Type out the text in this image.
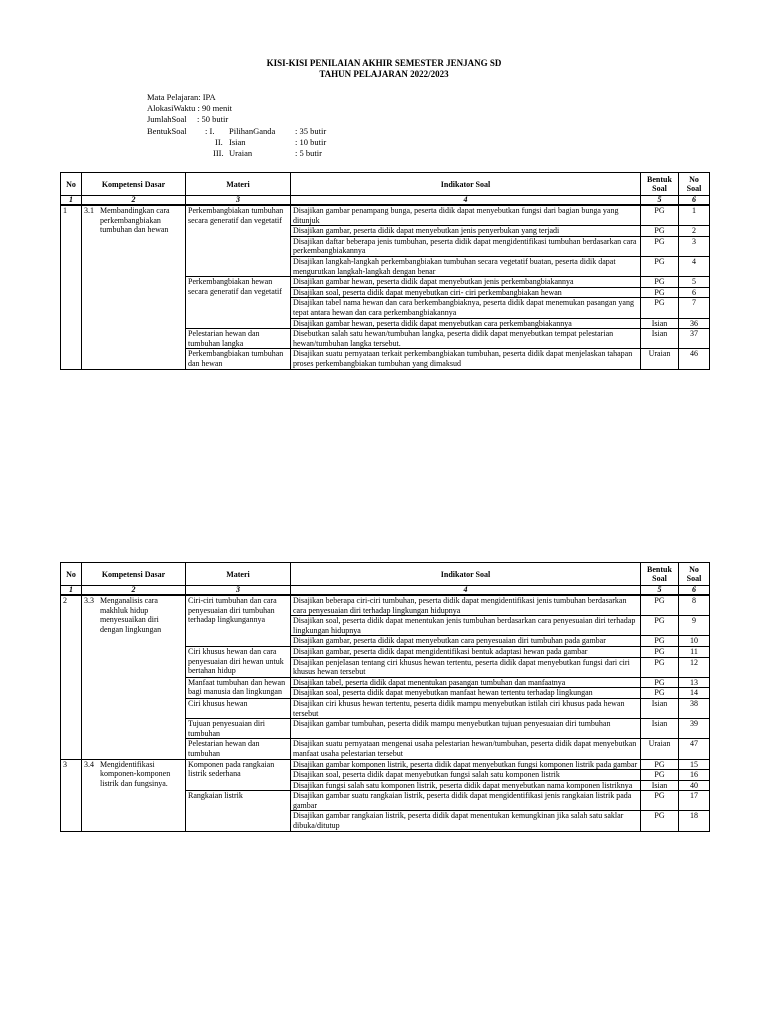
KISI-KISI PENILAIAN AKHIR SEMESTER JENJANG SD
TAHUN PELAJARAN 2022/2023
Mata Pelajaran: IPA
AlokasiWaktu : 90 menit
JumlahSoal : 50 butir
BentukSoal : I. PilihanGanda : 35 butir
II. Isian	: 10 butir
III. Uraian	: 5 butir
No	Kompetensi Dasar	Materi	Indikator Soal	Bentuk Soal	No Soal
1	2	3	4	5	6
1	3.1 Membandingkan cara perkembangbiakan tumbuhan dan hewan	Perkembangbiakan tumbuhan secara generatif dan vegetatif	Disajikan gambar penampang bunga, peserta didik dapat menyebutkan fungsi dari bagian bunga yang ditunjuk	PG	1
			Disajikan gambar, peserta didik dapat menyebutkan jenis penyerbukan yang terjadi	PG	2
			Disajikan daftar beberapa jenis tumbuhan, peserta didik dapat mengidentifikasi tumbuhan berdasarkan cara perkembangbiakannya	PG	3
			Disajikan langkah-langkah perkembangbiakan tumbuhan secara vegetatif buatan, peserta didik dapat mengurutkan langkah-langkah dengan benar	PG	4
		Perkembangbiakan hewan secara generatif dan vegetatif	Disajikan gambar hewan, peserta didik dapat menyebutkan jenis perkembangbiakannya	PG	5
			Disajikan soal, peserta didik dapat menyebutkan ciri- ciri perkembangbiakan hewan	PG	6
			Disajikan tabel nama hewan dan cara berkembangbiaknya, peserta didik dapat menemukan pasangan yang tepat antara hewan dan cara perkembangbiakannya	PG	7
			Disajikan gambar hewan, peserta didik dapat menyebutkan cara perkembangbiakannya	Isian	36
		Pelestarian hewan dan tumbuhan langka	Disebutkan salah satu hewan/tumbuhan langka, peserta didik dapat menyebutkan tempat pelestarian hewan/tumbuhan langka tersebut.	Isian	37
		Perkembangbiakan tumbuhan dan hewan	Disajikan suatu pernyataan terkait perkembangbiakan tumbuhan, peserta didik dapat menjelaskan tahapan proses perkembangbiakan tumbuhan yang dimaksud	Uraian	46
No	Kompetensi Dasar	Materi	Indikator Soal	Bentuk Soal	No Soal
1	2	3	4	5	6
2	3.3 Menganalisis cara makhluk hidup menyesuaikan diri dengan lingkungan	Ciri-ciri tumbuhan dan cara penyesuaian diri tumbuhan terhadap lingkungannya	Disajikan beberapa ciri-ciri tumbuhan, peserta didik dapat mengidentifikasi jenis tumbuhan berdasarkan cara penyesuaian diri terhadap lingkungan hidupnya	PG	8
			Disajikan soal, peserta didik dapat menentukan jenis tumbuhan berdasarkan cara penyesuaian diri terhadap lingkungan hidupnya	PG	9
			Disajikan gambar, peserta didik dapat menyebutkan cara penyesuaian diri tumbuhan pada gambar	PG	10
		Ciri khusus hewan dan cara penyesuaian diri hewan untuk bertahan hidup	Disajikan gambar, peserta didik dapat mengidentifikasi bentuk adaptasi hewan pada gambar	PG	11
			Disajikan penjelasan tentang ciri khusus hewan tertentu, peserta didik dapat menyebutkan fungsi dari ciri khusus hewan tersebut	PG	12
		Manfaat tumbuhan dan hewan bagi manusia dan lingkungan	Disajikan tabel, peserta didik dapat menentukan pasangan tumbuhan dan manfaatnya	PG	13
			Disajikan soal, peserta didik dapat menyebutkan manfaat hewan tertentu terhadap lingkungan	PG	14
		Ciri khusus hewan	Disajikan ciri khusus hewan tertentu, peserta didik mampu menyebutkan istilah ciri khusus pada hewan tersebut	Isian	38
		Tujuan penyesuaian diri tumbuhan	Disajikan gambar tumbuhan, peserta didik mampu menyebutkan tujuan penyesuaian diri tumbuhan	Isian	39
		Pelestarian hewan dan tumbuhan	Disajikan suatu pernyataan mengenai usaha pelestarian hewan/tumbuhan, peserta didik dapat menyebutkan manfaat usaha pelestarian tersebut	Uraian	47
3	3.4 Mengidentifikasi komponen-komponen listrik dan fungsinya.	Komponen pada rangkaian listrik sederhana	Disajikan gambar komponen listrik, peserta didik dapat menyebutkan fungsi komponen listrik pada gambar	PG	15
			Disajikan soal, peserta didik dapat menyebutkan fungsi salah satu komponen listrik	PG	16
			Disajikan fungsi salah satu komponen listrik, peserta didik dapat menyebutkan nama komponen listriknya	Isian	40
		Rangkaian listrik	Disajikan gambar suatu rangkaian listrik, peserta didik dapat mengidentifikasi jenis rangkaian listrik pada gambar	PG	17
			Disajikan gambar rangkaian listrik, peserta didik dapat menentukan kemungkinan jika salah satu saklar dibuka/ditutup	PG	18
